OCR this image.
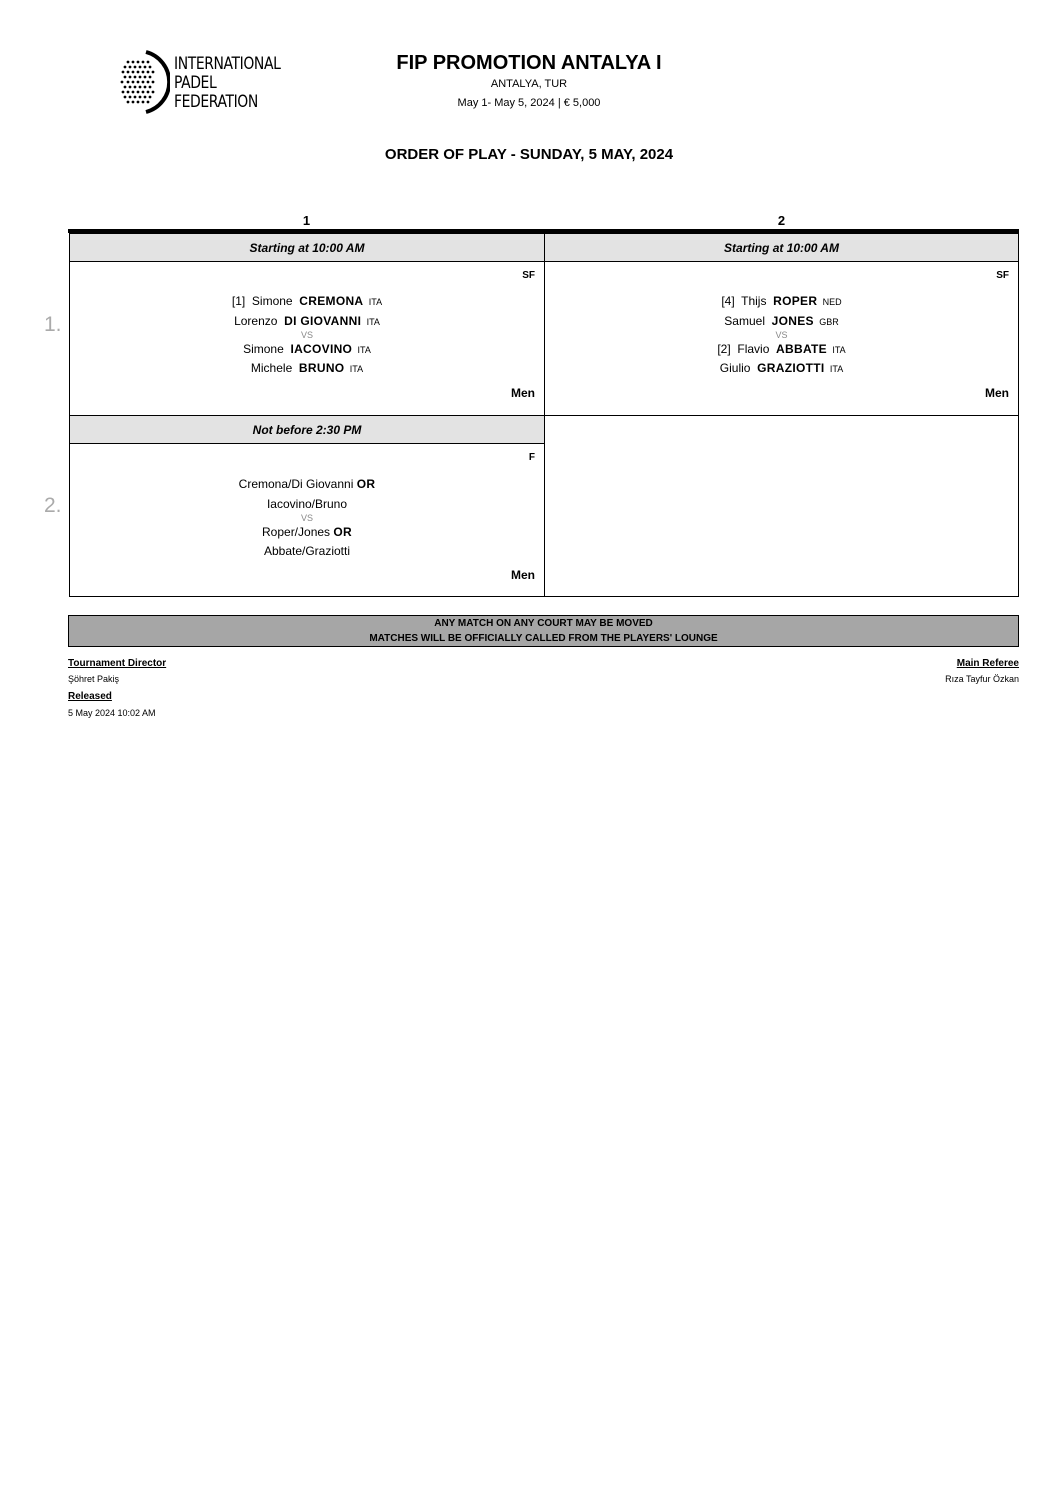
INTERNATIONAL
PADEL
FEDERATION
FIP PROMOTION ANTALYA I
ANTALYA, TUR
May 1- May 5, 2024 | € 5,000
ORDER OF PLAY - SUNDAY, 5 MAY, 2024
1	2
1.
2.
Starting at 10:00 AM
SF
[1] Simone CREMONA ITA
Lorenzo DI GIOVANNI ITA
VS
Simone IACOVINO ITA
Michele BRUNO ITA
Men
Starting at 10:00 AM
SF
[4] Thijs ROPER NED
Samuel JONES GBR
VS
[2] Flavio ABBATE ITA
Giulio GRAZIOTTI ITA
Men
Not before 2:30 PM
F
Cremona/Di Giovanni OR
Iacovino/Bruno
VS
Roper/Jones OR
Abbate/Graziotti
Men
ANY MATCH ON ANY COURT MAY BE MOVED
MATCHES WILL BE OFFICIALLY CALLED FROM THE PLAYERS' LOUNGE
Tournament Director
Şöhret Pakiş
Released
5 May 2024 10:02 AM
Main Referee
Rıza Tayfur Özkan
